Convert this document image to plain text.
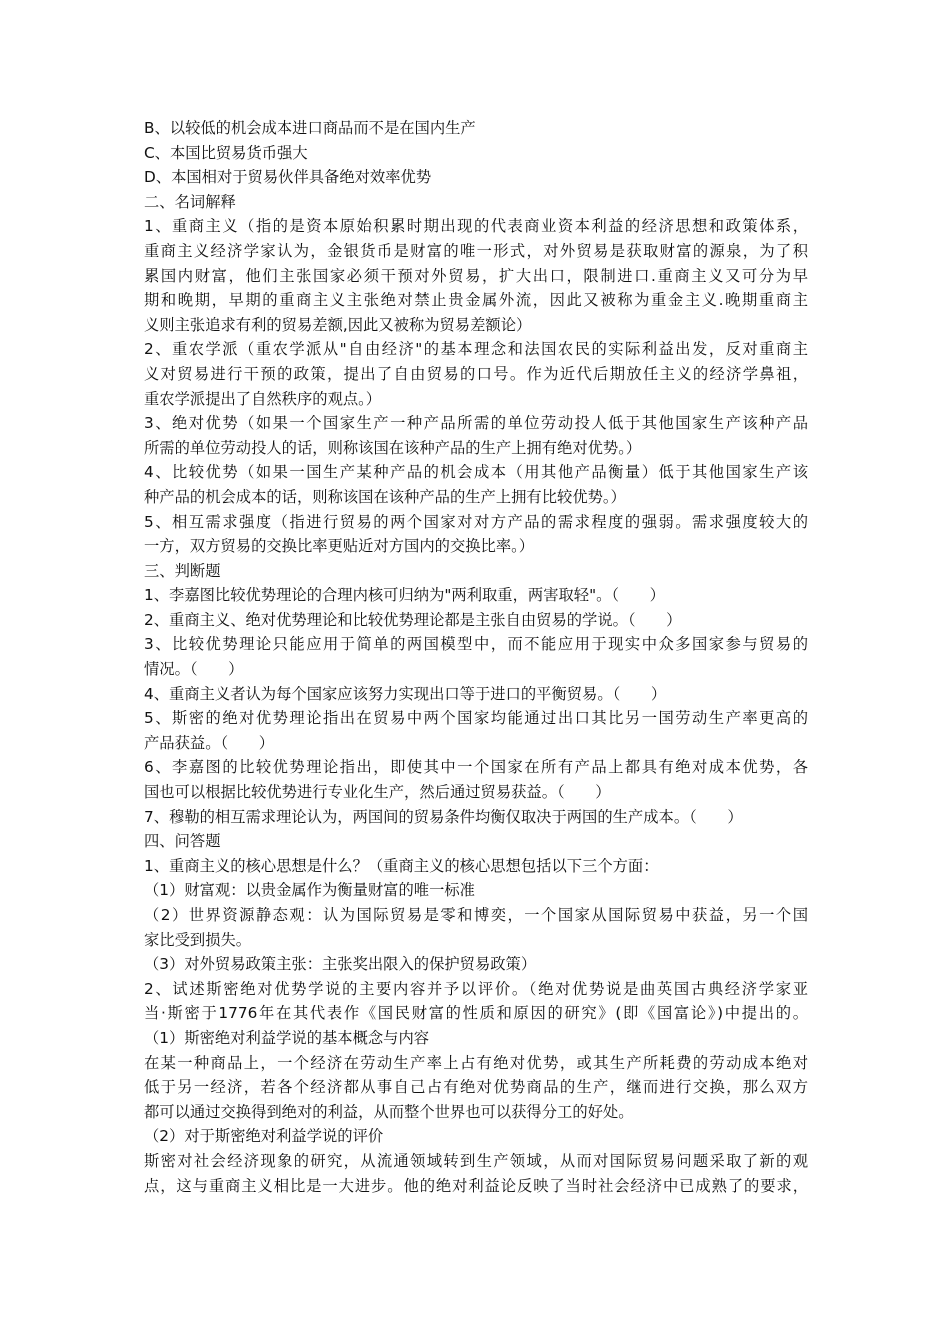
B、以较低的机会成本进口商品而不是在国内生产
C、本国比贸易货币强大
D、本国相对于贸易伙伴具备绝对效率优势
二、名词解释
1、重商主义（指的是资本原始积累时期出现的代表商业资本利益的经济思想和政策体系，
重商主义经济学家认为，金银货币是财富的唯一形式，对外贸易是获取财富的源泉，为了积
累国内财富，他们主张国家必须干预对外贸易，扩大出口，限制进口.重商主义又可分为早
期和晚期，早期的重商主义主张绝对禁止贵金属外流，因此又被称为重金主义.晚期重商主
义则主张追求有利的贸易差额,因此又被称为贸易差额论）
2、重农学派（重农学派从"自由经济"的基本理念和法国农民的实际利益出发，反对重商主
义对贸易进行干预的政策，提出了自由贸易的口号。作为近代后期放任主义的经济学鼻祖，
重农学派提出了自然秩序的观点。）
3、绝对优势（如果一个国家生产一种产品所需的单位劳动投人低于其他国家生产该种产品
所需的单位劳动投人的话，则称该国在该种产品的生产上拥有绝对优势。）
4、比较优势（如果一国生产某种产品的机会成本（用其他产品衡量）低于其他国家生产该
种产品的机会成本的话，则称该国在该种产品的生产上拥有比较优势。）
5、相互需求强度（指进行贸易的两个国家对对方产品的需求程度的强弱。需求强度较大的
一方，双方贸易的交换比率更贴近对方国内的交换比率。）
三、判断题
1、李嘉图比较优势理论的合理内核可归纳为"两利取重，两害取轻"。（　　）
2、重商主义、绝对优势理论和比较优势理论都是主张自由贸易的学说。（　　）
3、比较优势理论只能应用于简单的两国模型中，而不能应用于现实中众多国家参与贸易的
情况。（　　）
4、重商主义者认为每个国家应该努力实现出口等于进口的平衡贸易。（　　）
5、斯密的绝对优势理论指出在贸易中两个国家均能通过出口其比另一国劳动生产率更高的
产品获益。（　　）
6、李嘉图的比较优势理论指出，即使其中一个国家在所有产品上都具有绝对成本优势，各
国也可以根据比较优势进行专业化生产，然后通过贸易获益。（　　）
7、穆勒的相互需求理论认为，两国间的贸易条件均衡仅取决于两国的生产成本。（　　）
四、问答题
1、重商主义的核心思想是什么？（重商主义的核心思想包括以下三个方面：
（1）财富观：以贵金属作为衡量财富的唯一标准
（2）世界资源静态观：认为国际贸易是零和博奕，一个国家从国际贸易中获益，另一个国
家比受到损失。
（3）对外贸易政策主张：主张奖出限入的保护贸易政策）
2、试述斯密绝对优势学说的主要内容并予以评价。（绝对优势说是曲英国古典经济学家亚
当·斯密于1776年在其代表作《国民财富的性质和原因的研究》(即《国富论》)中提出的。
（1）斯密绝对利益学说的基本概念与内容
在某一种商品上，一个经济在劳动生产率上占有绝对优势，或其生产所耗费的劳动成本绝对
低于另一经济，若各个经济都从事自己占有绝对优势商品的生产，继而进行交换，那么双方
都可以通过交换得到绝对的利益，从而整个世界也可以获得分工的好处。
（2）对于斯密绝对利益学说的评价
斯密对社会经济现象的研究，从流通领域转到生产领域，从而对国际贸易问题采取了新的观
点，这与重商主义相比是一大进步。他的绝对利益论反映了当时社会经济中已成熟了的要求，
